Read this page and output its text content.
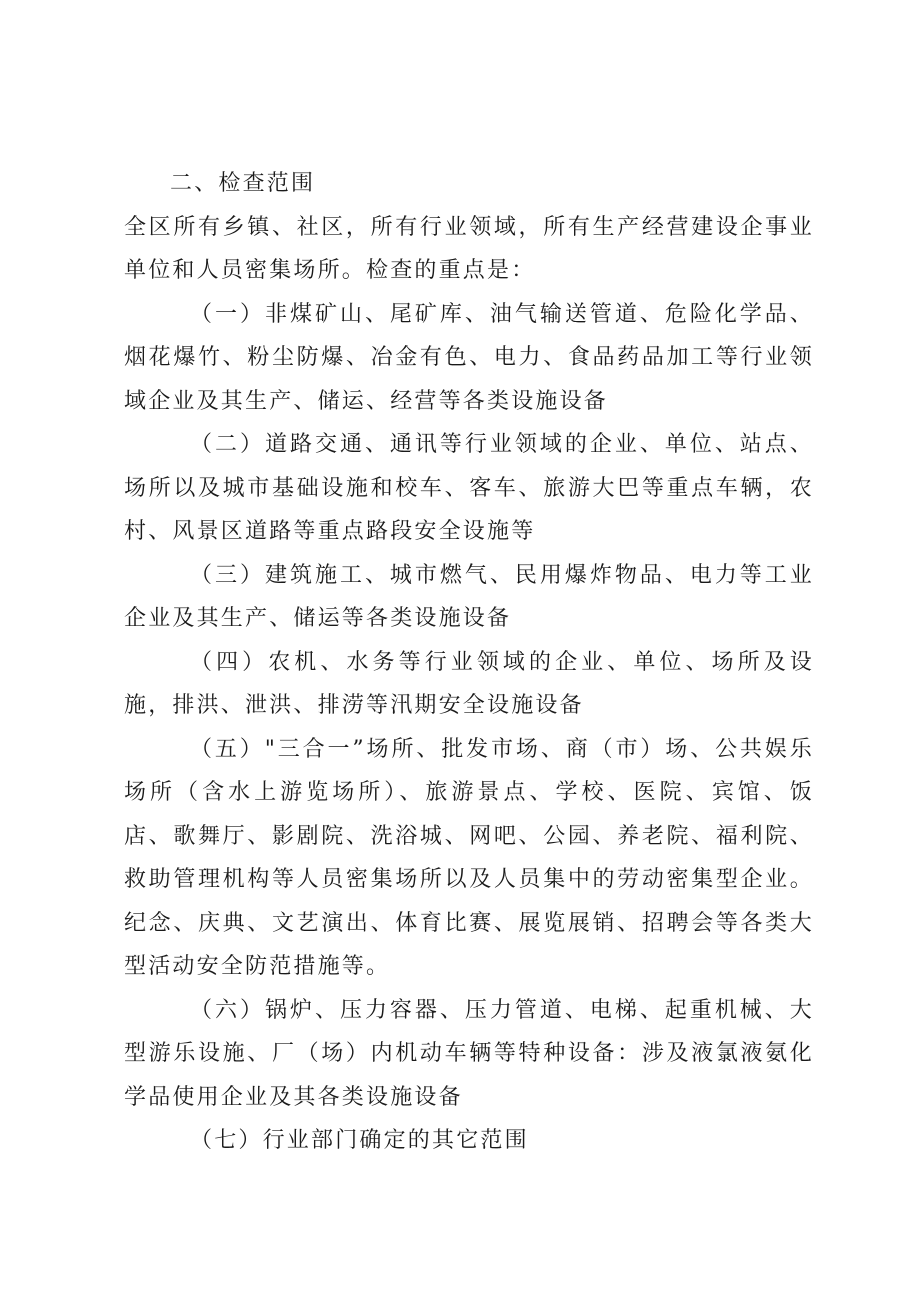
二、检查范围

全区所有乡镇、社区，所有行业领域，所有生产经营建设企事业单位和人员密集场所。检查的重点是：

（一）非煤矿山、尾矿库、油气输送管道、危险化学品、烟花爆竹、粉尘防爆、冶金有色、电力、食品药品加工等行业领域企业及其生产、储运、经营等各类设施设备

（二）道路交通、通讯等行业领域的企业、单位、站点、场所以及城市基础设施和校车、客车、旅游大巴等重点车辆，农村、风景区道路等重点路段安全设施等

（三）建筑施工、城市燃气、民用爆炸物品、电力等工业企业及其生产、储运等各类设施设备

（四）农机、水务等行业领域的企业、单位、场所及设施，排洪、泄洪、排涝等汛期安全设施设备

（五）"三合一”场所、批发市场、商（市）场、公共娱乐场所（含水上游览场所）、旅游景点、学校、医院、宾馆、饭店、歌舞厅、影剧院、洗浴城、网吧、公园、养老院、福利院、救助管理机构等人员密集场所以及人员集中的劳动密集型企业。纪念、庆典、文艺演出、体育比赛、展览展销、招聘会等各类大型活动安全防范措施等。

（六）锅炉、压力容器、压力管道、电梯、起重机械、大型游乐设施、厂（场）内机动车辆等特种设备：涉及液氯液氨化学品使用企业及其各类设施设备

（七）行业部门确定的其它范围
